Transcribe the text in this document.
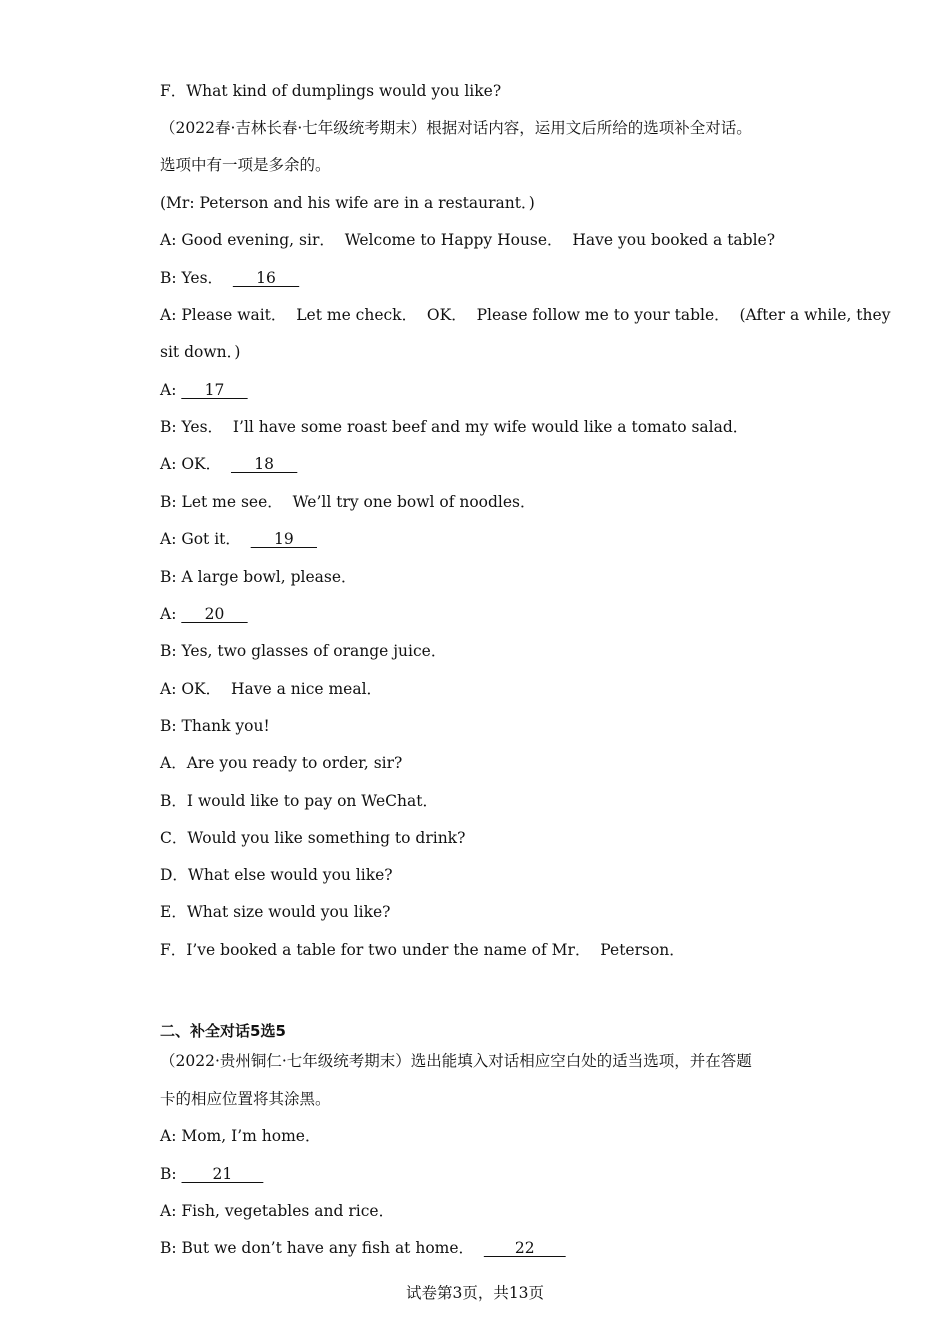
F．What kind of dumplings would you like?
（2022春·吉林长春·七年级统考期末）根据对话内容，运用文后所给的选项补全对话。
选项中有一项是多余的。
(Mr: Peterson and his wife are in a restaurant．)
A: Good evening, sir．  Welcome to Happy House．  Have you booked a table?
B: Yes．  ___16___
A: Please wait．  Let me check．  OK．  Please follow me to your table．  (After a while, they
sit down．)
A: ___17___
B: Yes．  I’ll have some roast beef and my wife would like a tomato salad．
A: OK．  ___18___
B: Let me see．  We’ll try one bowl of noodles．
A: Got it．  ___19___
B: A large bowl, please．
A: ___20___
B: Yes, two glasses of orange juice．
A: OK．  Have a nice meal．
B: Thank you!
A．Are you ready to order, sir?
B．I would like to pay on WeChat．
C．Would you like something to drink?
D．What else would you like?
E．What size would you like?
F．I’ve booked a table for two under the name of Mr．  Peterson．
二、补全对话5选5
（2022·贵州铜仁·七年级统考期末）选出能填入对话相应空白处的适当选项，并在答题
卡的相应位置将其涂黑。
A: Mom, I’m home．
B: ____21____
A: Fish, vegetables and rice．
B: But we don’t have any fish at home．  ____22____
试卷第3页，共13页
